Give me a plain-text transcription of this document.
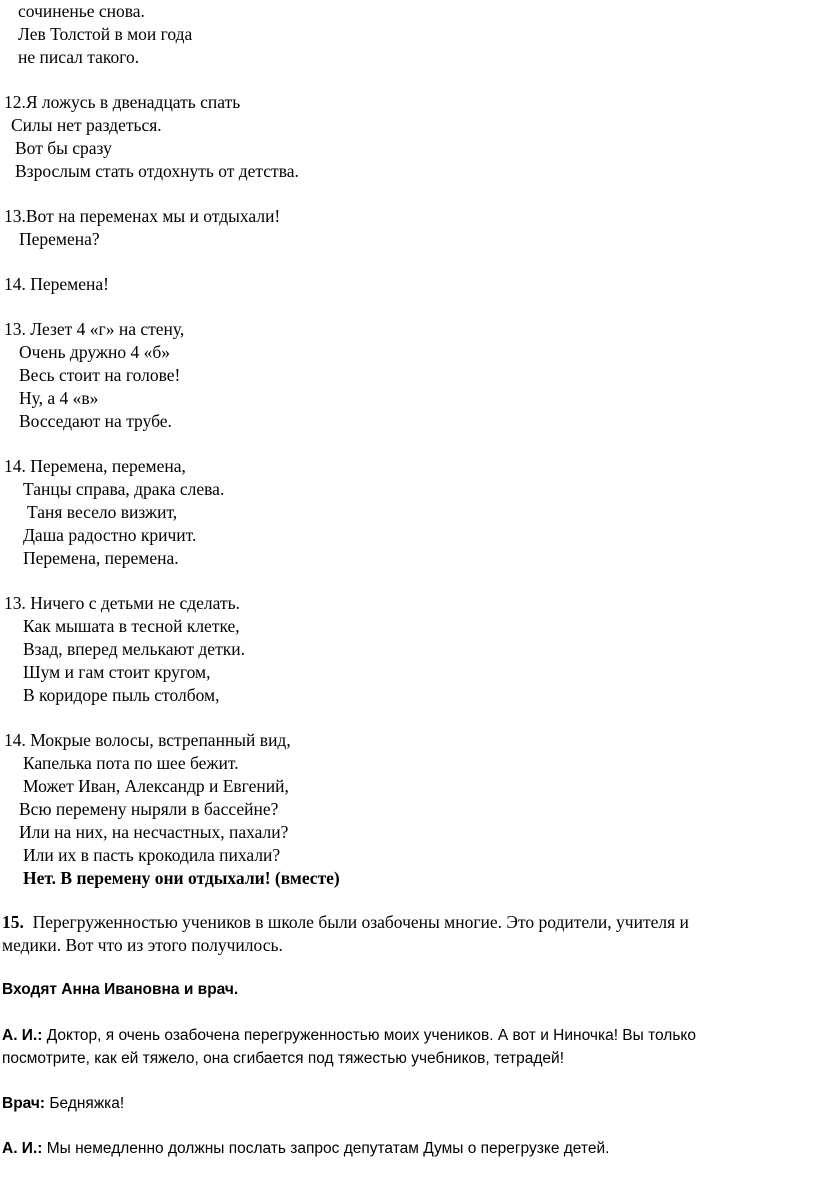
сочиненье снова.
Лев Толстой в мои года
не писал такого.
12.Я ложусь в двенадцать спать
Силы нет раздеться.
Вот бы сразу
Взрослым стать отдохнуть от детства.
13.Вот на переменах мы и отдыхали!
Перемена?
14. Перемена!
13. Лезет 4 «г» на стену,
Очень дружно 4 «б»
Весь стоит на голове!
Ну, а 4 «в»
Восседают на трубе.
14. Перемена, перемена,
Танцы справа, драка слева.
Таня весело визжит,
Даша радостно кричит.
Перемена, перемена.
13. Ничего с детьми не сделать.
Как мышата в тесной клетке,
Взад, вперед мелькают детки.
Шум и гам стоит кругом,
В коридоре пыль столбом,
14. Мокрые волосы, встрепанный вид,
Капелька пота по шее бежит.
Может Иван, Александр и Евгений,
Всю перемену ныряли в бассейне?
Или на них, на несчастных, пахали?
Или их в пасть крокодила пихали?
Нет. В перемену они отдыхали! (вместе)
15. Перегруженностью учеников в школе были озабочены многие. Это родители, учителя и
медики. Вот что из этого получилось.
Входят Анна Ивановна и врач.
А. И.: Доктор, я очень озабочена перегруженностью моих учеников. А вот и Ниночка! Вы только
посмотрите, как ей тяжело, она сгибается под тяжестью учебников, тетрадей!
Врач: Бедняжка!
А. И.: Мы немедленно должны послать запрос депутатам Думы о перегрузке детей.
